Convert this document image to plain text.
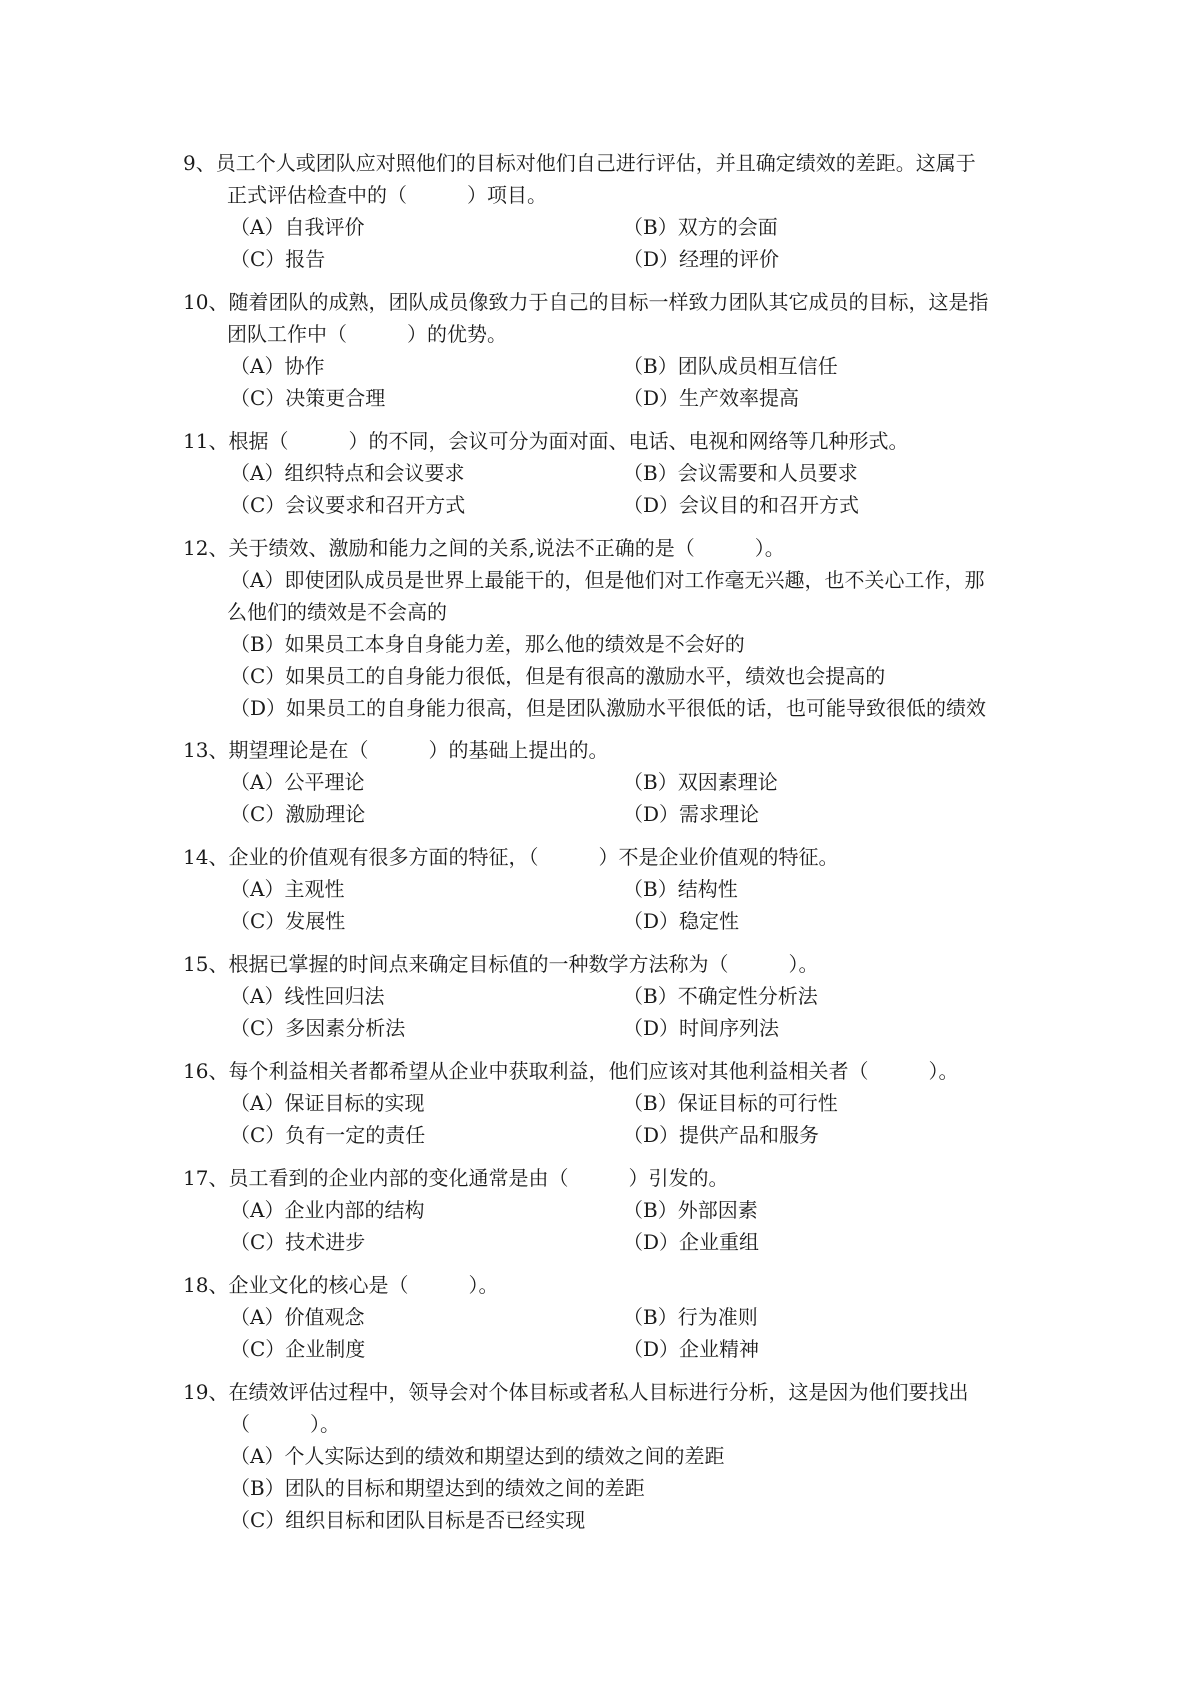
9、员工个人或团队应对照他们的目标对他们自己进行评估，并且确定绩效的差距。这属于
正式评估检查中的（　　　）项目。
（A）自我评价	（B）双方的会面
（C）报告	（D）经理的评价
10、随着团队的成熟，团队成员像致力于自己的目标一样致力团队其它成员的目标，这是指
团队工作中（　　　）的优势。
（A）协作	（B）团队成员相互信任
（C）决策更合理	（D）生产效率提高
11、根据（　　　）的不同，会议可分为面对面、电话、电视和网络等几种形式。
（A）组织特点和会议要求	（B）会议需要和人员要求
（C）会议要求和召开方式	（D）会议目的和召开方式
12、关于绩效、激励和能力之间的关系,说法不正确的是（　　　）。
（A）即使团队成员是世界上最能干的，但是他们对工作毫无兴趣，也不关心工作，那
么他们的绩效是不会高的
（B）如果员工本身自身能力差，那么他的绩效是不会好的
（C）如果员工的自身能力很低，但是有很高的激励水平，绩效也会提高的
（D）如果员工的自身能力很高，但是团队激励水平很低的话，也可能导致很低的绩效
13、期望理论是在（　　　）的基础上提出的。
（A）公平理论	（B）双因素理论
（C）激励理论	（D）需求理论
14、企业的价值观有很多方面的特征，（　　　）不是企业价值观的特征。
（A）主观性	（B）结构性
（C）发展性	（D）稳定性
15、根据已掌握的时间点来确定目标值的一种数学方法称为（　　　）。
（A）线性回归法	（B）不确定性分析法
（C）多因素分析法	（D）时间序列法
16、每个利益相关者都希望从企业中获取利益，他们应该对其他利益相关者（　　　）。
（A）保证目标的实现	（B）保证目标的可行性
（C）负有一定的责任	（D）提供产品和服务
17、员工看到的企业内部的变化通常是由（　　　）引发的。
（A）企业内部的结构	（B）外部因素
（C）技术进步	（D）企业重组
18、企业文化的核心是（　　　）。
（A）价值观念	（B）行为准则
（C）企业制度	（D）企业精神
19、在绩效评估过程中，领导会对个体目标或者私人目标进行分析，这是因为他们要找出
（　　　）。
（A）个人实际达到的绩效和期望达到的绩效之间的差距
（B）团队的目标和期望达到的绩效之间的差距
（C）组织目标和团队目标是否已经实现
